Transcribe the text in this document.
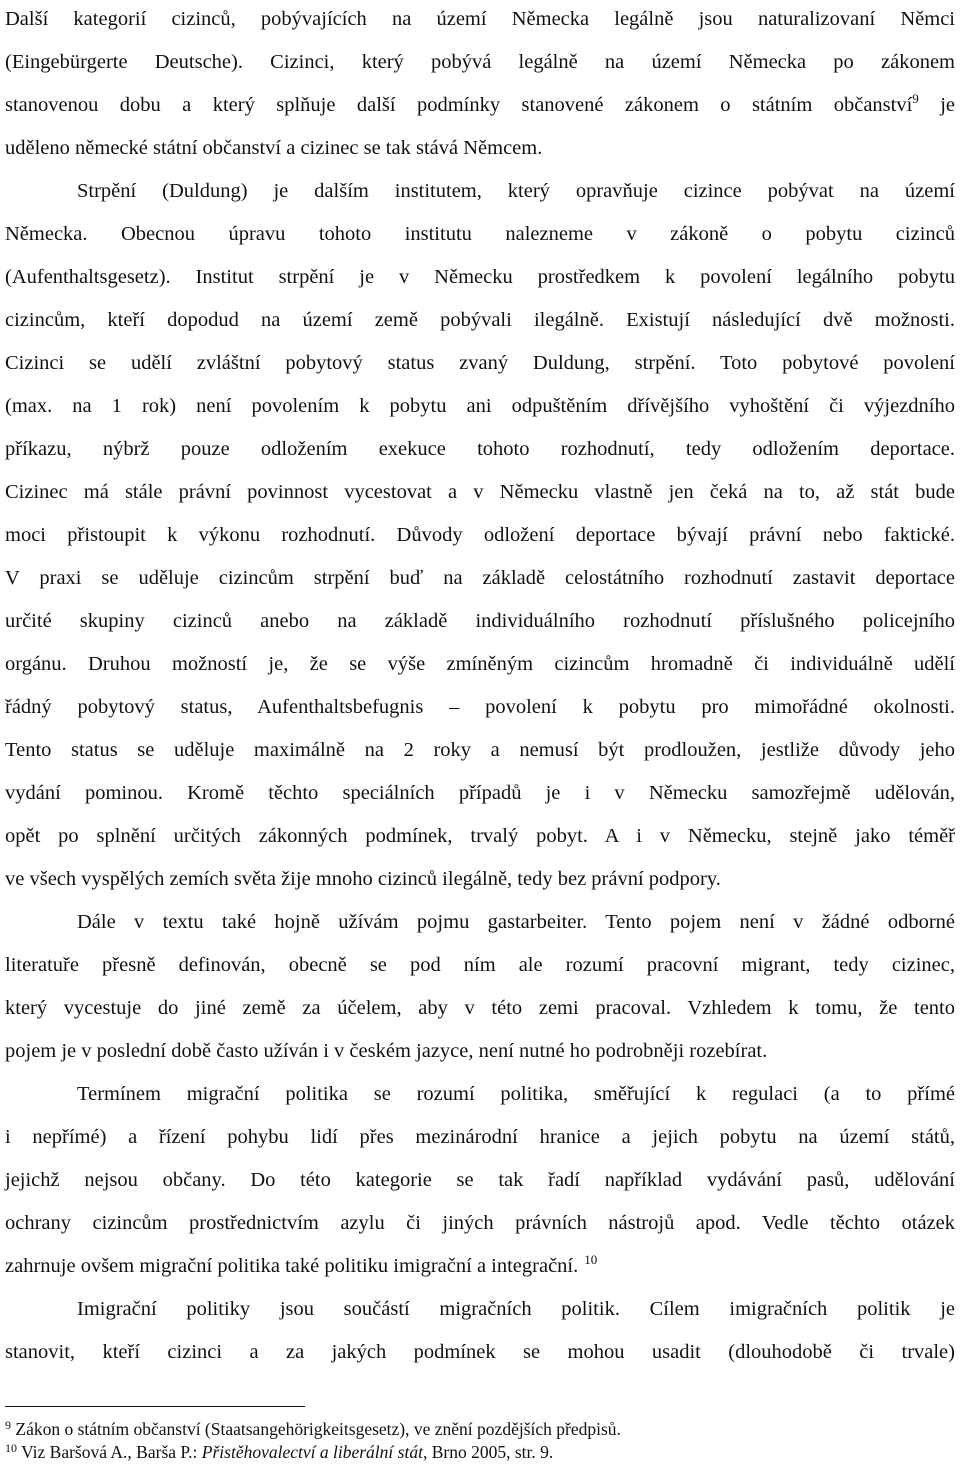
Další kategorií cizinců, pobývajících na území Německa legálně jsou naturalizovaní Němci
(Eingebürgerte Deutsche). Cizinci, který pobývá legálně na území Německa po zákonem
stanovenou dobu a který splňuje další podmínky stanovené zákonem o státním občanství$^9$ je
uděleno německé státní občanství a cizinec se tak stává Němcem.
Strpění (Duldung) je dalším institutem, který opravňuje cizince pobývat na území
Německa. Obecnou úpravu tohoto institutu nalezneme v zákoně o pobytu cizinců
(Aufenthaltsgesetz). Institut strpění je v Německu prostředkem k povolení legálního pobytu
cizincům, kteří dopodud na území země pobývali ilegálně. Existují následující dvě možnosti.
Cizinci se udělí zvláštní pobytový status zvaný Duldung, strpění. Toto pobytové povolení
(max. na 1 rok) není povolením k pobytu ani odpuštěním dřívějšího vyhoštění či výjezdního
příkazu, nýbrž pouze odložením exekuce tohoto rozhodnutí, tedy odložením deportace.
Cizinec má stále právní povinnost vycestovat a v Německu vlastně jen čeká na to, až stát bude
moci přistoupit k výkonu rozhodnutí. Důvody odložení deportace bývají právní nebo faktické.
V praxi se uděluje cizincům strpění buď na základě celostátního rozhodnutí zastavit deportace
určité skupiny cizinců anebo na základě individuálního rozhodnutí příslušného policejního
orgánu. Druhou možností je, že se výše zmíněným cizincům hromadně či individuálně udělí
řádný pobytový status, Aufenthaltsbefugnis – povolení k pobytu pro mimořádné okolnosti.
Tento status se uděluje maximálně na 2 roky a nemusí být prodloužen, jestliže důvody jeho
vydání pominou. Kromě těchto speciálních případů je i v Německu samozřejmě udělován,
opět po splnění určitých zákonných podmínek, trvalý pobyt. A i v Německu, stejně jako téměř
ve všech vyspělých zemích světa žije mnoho cizinců ilegálně, tedy bez právní podpory.
Dále v textu také hojně užívám pojmu gastarbeiter. Tento pojem není v žádné odborné
literatuře přesně definován, obecně se pod ním ale rozumí pracovní migrant, tedy cizinec,
který vycestuje do jiné země za účelem, aby v této zemi pracoval. Vzhledem k tomu, že tento
pojem je v poslední době často užíván i v českém jazyce, není nutné ho podrobněji rozebírat.
Termínem migrační politika se rozumí politika, směřující k regulaci (a to přímé
i nepřímé) a řízení pohybu lidí přes mezinárodní hranice a jejich pobytu na území států,
jejichž nejsou občany. Do této kategorie se tak řadí například vydávání pasů, udělování
ochrany cizincům prostřednictvím azylu či jiných právních nástrojů apod. Vedle těchto otázek
zahrnuje ovšem migrační politika také politiku imigrační a integrační. $^{10}$
Imigrační politiky jsou součástí migračních politik. Cílem imigračních politik je
stanovit, kteří cizinci a za jakých podmínek se mohou usadit (dlouhodobě či trvale)
$^9$ Zákon o státním občanství (Staatsangehörigkeitsgesetz), ve znění pozdějších předpisů.
$^{10}$ Viz Baršová A., Barša P.: Přistěhovalectví a liberální stát, Brno 2005, str. 9.
